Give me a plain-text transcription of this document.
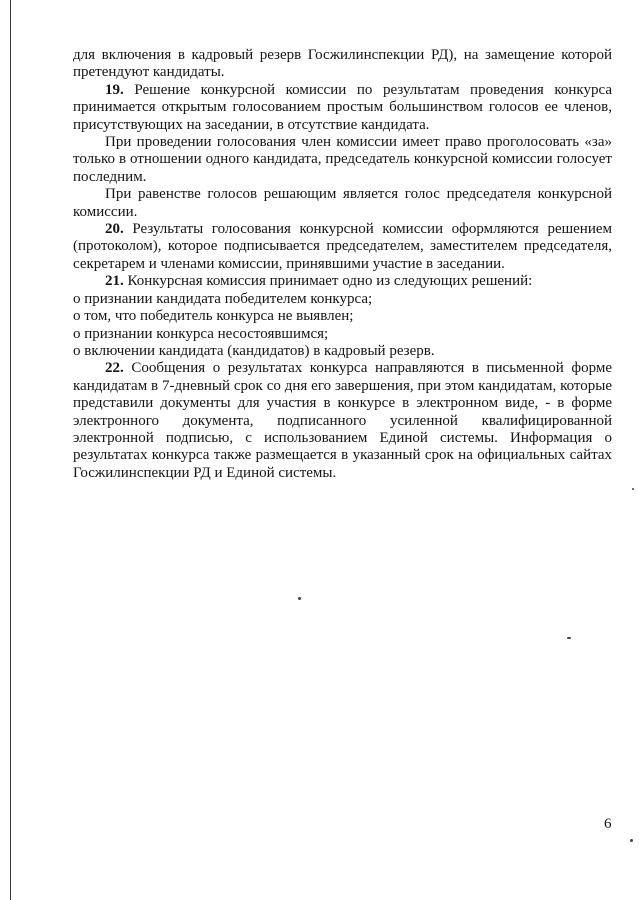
для включения в кадровый резерв Госжилинспекции РД), на замещение которой претендуют кандидаты.

19. Решение конкурсной комиссии по результатам проведения конкурса принимается открытым голосованием простым большинством голосов ее членов, присутствующих на заседании, в отсутствие кандидата.

При проведении голосования член комиссии имеет право проголосовать «за» только в отношении одного кандидата, председатель конкурсной комиссии голосует последним.

При равенстве голосов решающим является голос председателя конкурсной комиссии.

20. Результаты голосования конкурсной комиссии оформляются решением (протоколом), которое подписывается председателем, заместителем председателя, секретарем и членами комиссии, принявшими участие в заседании.

21. Конкурсная комиссия принимает одно из следующих решений:

о признании кандидата победителем конкурса;

о том, что победитель конкурса не выявлен;

о признании конкурса несостоявшимся;

о включении кандидата (кандидатов) в кадровый резерв.

22. Сообщения о результатах конкурса направляются в письменной форме кандидатам в 7-дневный срок со дня его завершения, при этом кандидатам, которые представили документы для участия в конкурсе в электронном виде, - в форме электронного документа, подписанного усиленной квалифицированной электронной подписью, с использованием Единой системы. Информация о результатах конкурса также размещается в указанный срок на официальных сайтах Госжилинспекции РД и Единой системы.

6
